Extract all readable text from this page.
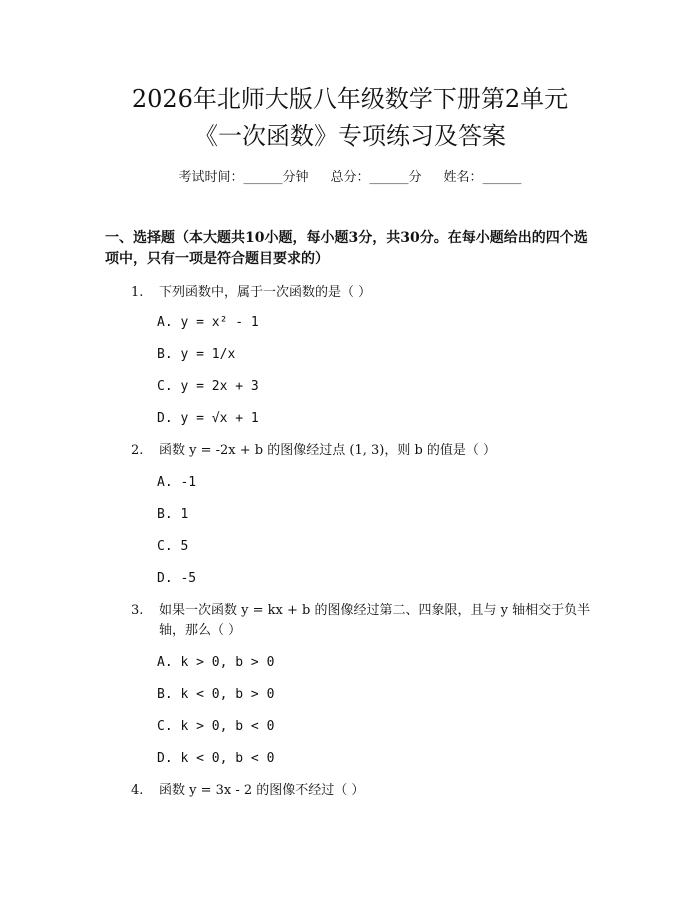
2026年北师大版八年级数学下册第2单元
《一次函数》专项练习及答案
考试时间：______分钟 总分：______分 姓名：______
一、选择题（本大题共10小题，每小题3分，共30分。在每小题给出的四个选项中，只有一项是符合题目要求的）
1. 下列函数中，属于一次函数的是（ ）
A. y = x² - 1
B. y = 1/x
C. y = 2x + 3
D. y = √x + 1
2. 函数 y = -2x + b 的图像经过点 (1, 3)，则 b 的值是（ ）
A. -1
B. 1
C. 5
D. -5
3. 如果一次函数 y = kx + b 的图像经过第二、四象限，且与 y 轴相交于负半轴，那么（ ）
A. k > 0, b > 0
B. k < 0, b > 0
C. k > 0, b < 0
D. k < 0, b < 0
4. 函数 y = 3x - 2 的图像不经过（ ）
